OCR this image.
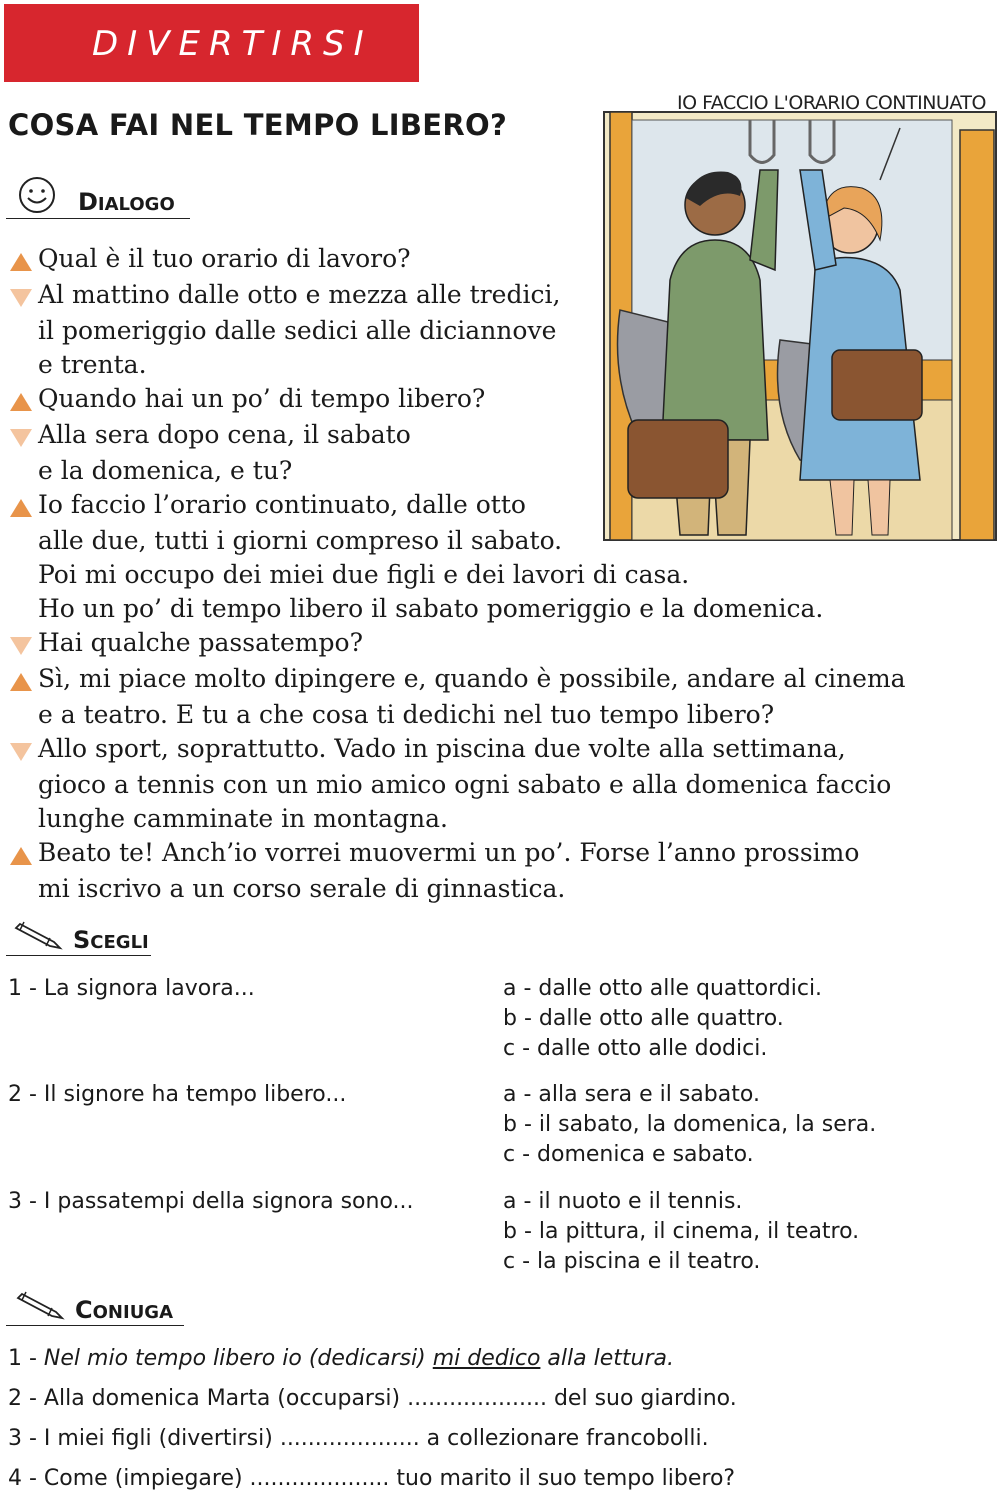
DIVERTIRSI
COSA FAI NEL TEMPO LIBERO?
DIALOGO
IO FACCIO L'ORARIO CONTINUATO
Qual è il tuo orario di lavoro?
Al mattino dalle otto e mezza alle tredici,
il pomeriggio dalle sedici alle diciannove
e trenta.
Quando hai un po’ di tempo libero?
Alla sera dopo cena, il sabato
e la domenica, e tu?
Io faccio l’orario continuato, dalle otto
alle due, tutti i giorni compreso il sabato.
Poi mi occupo dei miei due figli e dei lavori di casa.
Ho un po’ di tempo libero il sabato pomeriggio e la domenica.
Hai qualche passatempo?
Sì, mi piace molto dipingere e, quando è possibile, andare al cinema
e a teatro. E tu a che cosa ti dedichi nel tuo tempo libero?
Allo sport, soprattutto. Vado in piscina due volte alla settimana,
gioco a tennis con un mio amico ogni sabato e alla domenica faccio
lunghe camminate in montagna.
Beato te! Anch’io vorrei muovermi un po’. Forse l’anno prossimo
mi iscrivo a un corso serale di ginnastica.
SCEGLI
1 - La signora lavora...	a - dalle otto alle quattordici.
b - dalle otto alle quattro.
c - dalle otto alle dodici.
2 - Il signore ha tempo libero...	a - alla sera e il sabato.
b - il sabato, la domenica, la sera.
c - domenica e sabato.
3 - I passatempi della signora sono...	a - il nuoto e il tennis.
b - la pittura, il cinema, il teatro.
c - la piscina e il teatro.
CONIUGA
1 - Nel mio tempo libero io (dedicarsi) mi dedico alla lettura.
2 - Alla domenica Marta (occuparsi) .................... del suo giardino.
3 - I miei figli (divertirsi) .................... a collezionare francobolli.
4 - Come (impiegare) .................... tuo marito il suo tempo libero?
